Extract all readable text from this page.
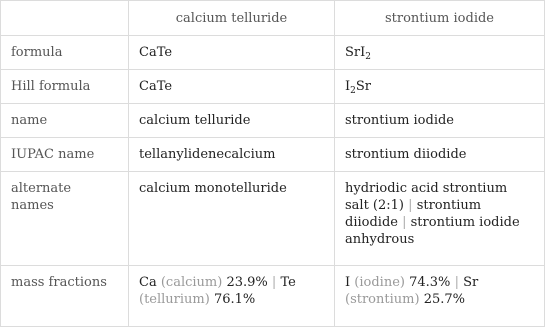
	calcium telluride	strontium iodide
formula	CaTe	SrI$_2$
Hill formula	CaTe	$I_2Sr$
name	calcium telluride	strontium iodide
IUPAC name	tellanylidenecalcium	strontium diiodide
alternate names	calcium monotelluride	hydriodic acid strontium salt (2:1) | strontium diiodide | strontium iodide anhydrous
mass fractions	Ca (calcium) 23.9% | Te (tellurium) 76.1%	I (iodine) 74.3% | Sr (strontium) 25.7%
